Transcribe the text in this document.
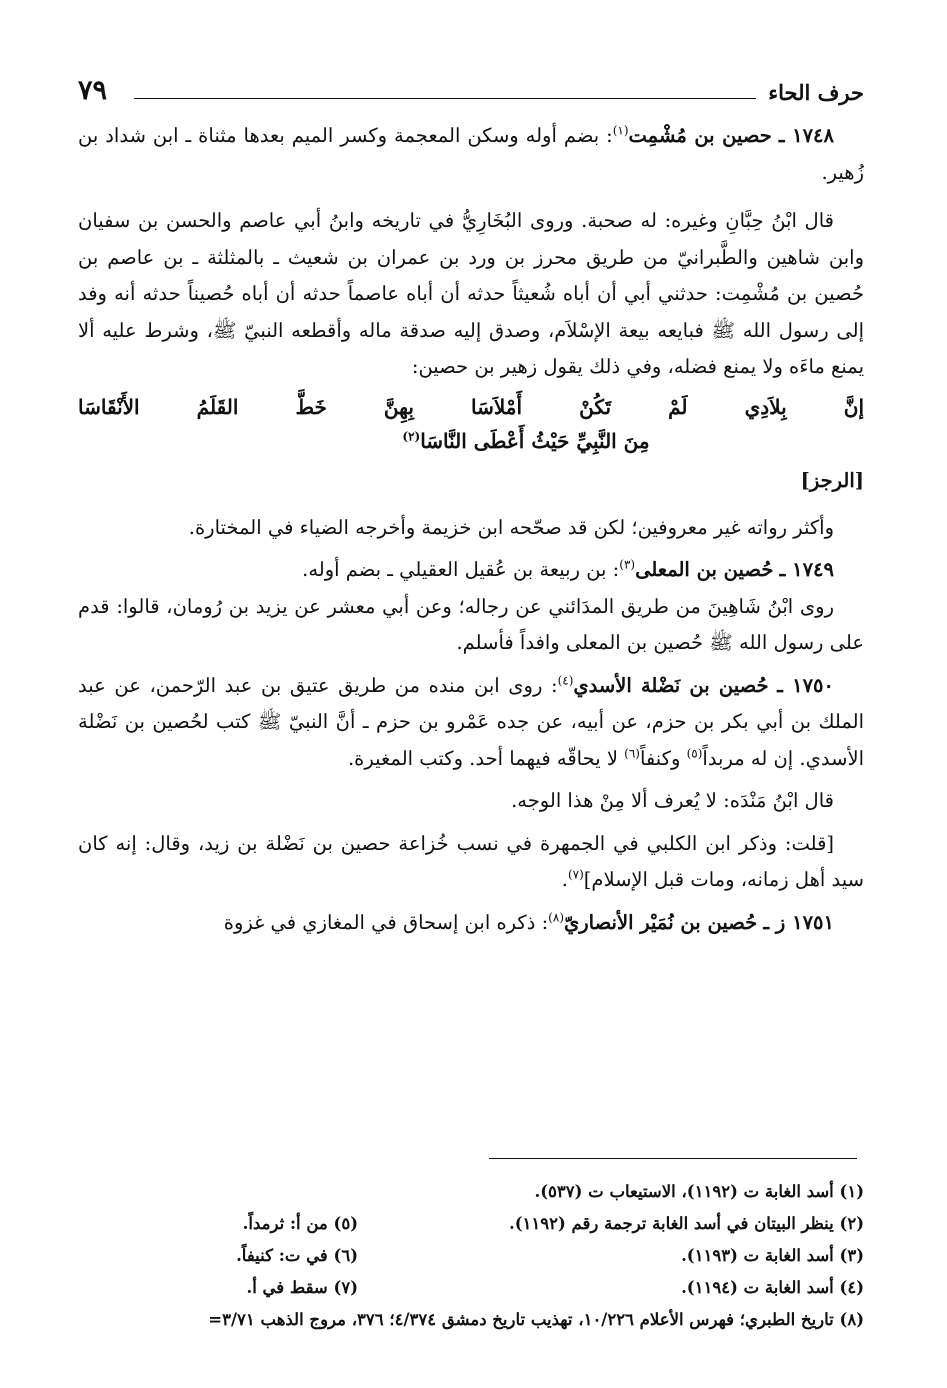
حرف الحاء
٧٩

١٧٤٨ ـ حصين بن مُشْمِت$^{(١)}$: بضم أوله وسكن المعجمة وكسر الميم بعدها مثناة ـ ابن شداد بن زُهير.

قال ابْنُ حِبَّانِ وغيره: له صحبة. وروى البُخَارِيُّ في تاريخه وابنُ أبي عاصم والحسن بن سفيان وابن شاهين والطَّبرانيّ من طريق محرز بن ورد بن عمران بن شعيث ـ بالمثلثة ـ بن عاصم بن حُصين بن مُشْمِت: حدثني أبي أن أباه شُعيثاً حدثه أن أباه عاصماً حدثه أن أباه حُصيناً حدثه أنه وفد إلى رسول الله ﷺ فبايعه بيعة الإسْلاَم، وصدق إليه صدقة ماله وأقطعه النبيّ ﷺ، وشرط عليه ألا يمنع ماءَه ولا يمنع فضله، وفي ذلك يقول زهير بن حصين:

إنَّ بِلاَدِي لَمْ تَكُنْ أَمْلاَسَا بِهِنَّ خَطَّ القَلَمُ الأَنْقَاسَا
مِنَ النَّبِيِّ حَيْثُ أَعْطَى النَّاسَا$^{(٢)}$
[الرجز]

وأكثر رواته غير معروفين؛ لكن قد صحّحه ابن خزيمة وأخرجه الضياء في المختارة.

١٧٤٩ ـ حُصين بن المعلى$^{(٣)}$: بن ربيعة بن عُقيل العقيلي ـ بضم أوله.

روى ابْنُ شَاهِينَ من طريق المدَائني عن رجاله؛ وعن أبي معشر عن يزيد بن رُومان، قالوا: قدم على رسول الله ﷺ حُصين بن المعلى وافداً فأسلم.

١٧٥٠ ـ حُصين بن نَضْلة الأسدي$^{(٤)}$: روى ابن منده من طريق عتيق بن عبد الرّحمن، عن عبد الملك بن أبي بكر بن حزم، عن أبيه، عن جده عَمْرو بن حزم ـ أنَّ النبيّ ﷺ كتب لحُصين بن نَضْلة الأسدي. إن له مربداً$^{(٥)}$ وكنفاً$^{(٦)}$ لا يحاقّه فيهما أحد. وكتب المغيرة.

قال ابْنُ مَنْدَه: لا يُعرف ألا مِنْ هذا الوجه.

[قلت: وذكر ابن الكلبي في الجمهرة في نسب خُزاعة حصين بن نَضْلة بن زيد، وقال: إنه كان سيد أهل زمانه، ومات قبل الإسلام]$^{(٧)}$.

١٧٥١ ز ـ حُصين بن نُمَيْر الأنصاريّ$^{(٨)}$: ذكره ابن إسحاق في المغازي في غزوة

(١) أسد الغابة ت (١١٩٢)، الاستيعاب ت (٥٣٧).
(٢) ينظر البيتان في أسد الغابة ترجمة رقم (١١٩٢).
(٥) من أ: ثرمداً.
(٣) أسد الغابة ت (١١٩٣).
(٦) في ت: كنيفاً.
(٤) أسد الغابة ت (١١٩٤).
(٧) سقط في أ.
(٨) تاريخ الطبري؛ فهرس الأعلام ١٠/٢٢٦، تهذيب تاريخ دمشق ٤/٣٧٤؛ ٣٧٦، مروج الذهب ٣/٧١=
